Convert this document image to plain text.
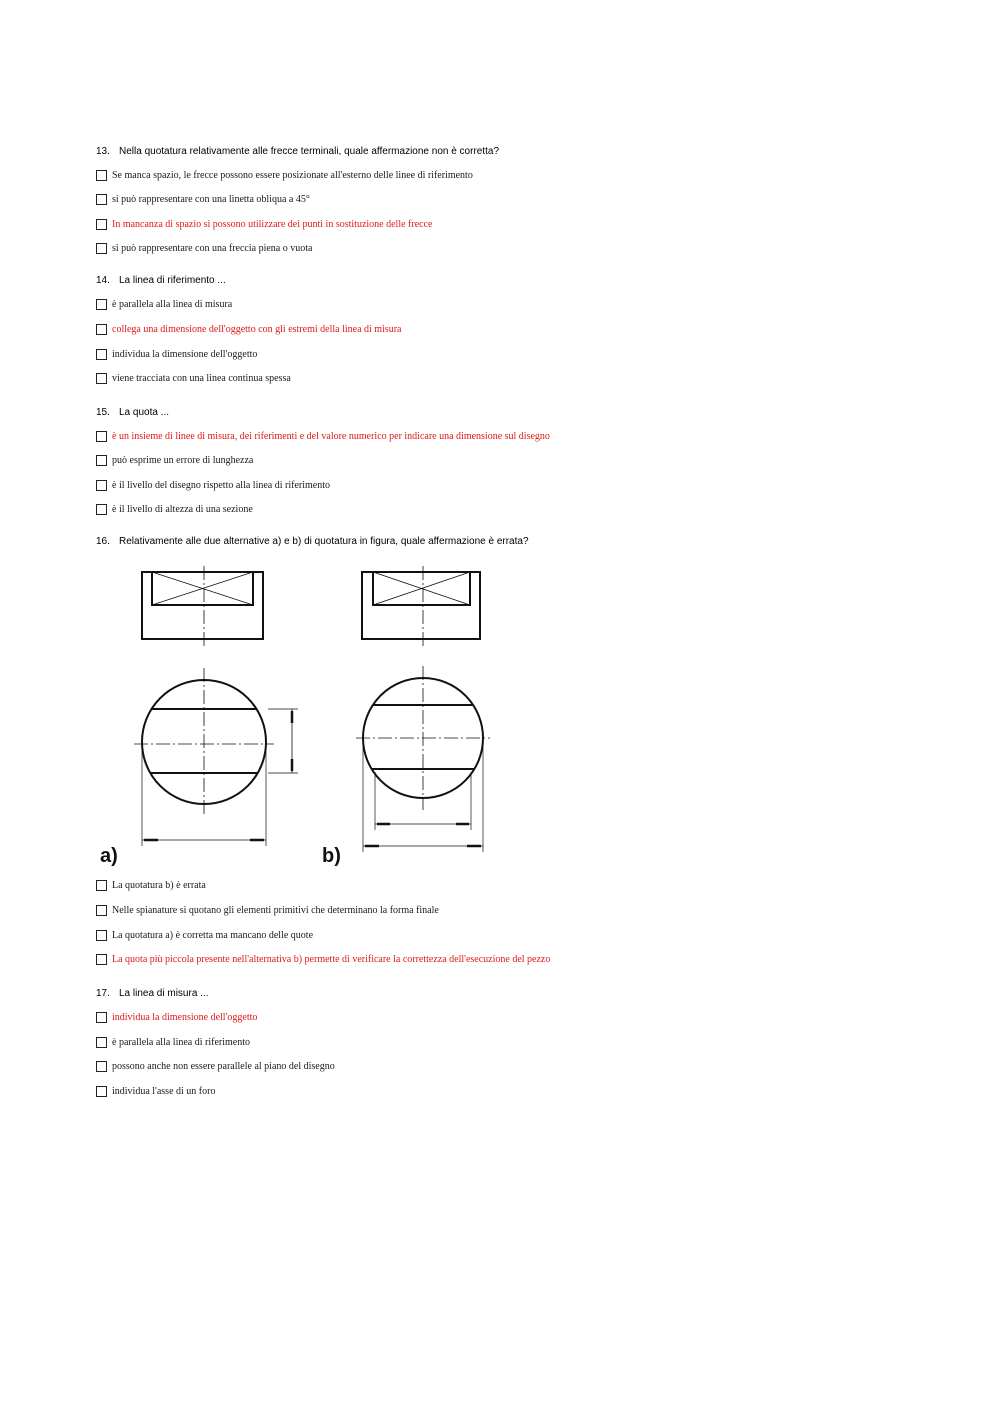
13. Nella quotatura relativamente alle frecce terminali, quale affermazione non è corretta?
Se manca spazio, le frecce possono essere posizionate all'esterno delle linee di riferimento
si può rappresentare con una linetta obliqua a 45°
In mancanza di spazio si possono utilizzare dei punti in sostituzione delle frecce
si può rappresentare con una freccia piena o vuota
14. La linea di riferimento ...
è parallela alla linea di misura
collega una dimensione dell'oggetto con gli estremi della linea di misura
individua la dimensione dell'oggetto
viene tracciata con una linea continua spessa
15. La quota ...
è un insieme di linee di misura, dei riferimenti e del valore numerico per indicare una dimensione sul disegno
può esprime un errore di lunghezza
è il livello del disegno rispetto alla linea di riferimento
è il livello di altezza di una sezione
16. Relativamente alle due alternative a) e b) di quotatura in figura, quale affermazione è errata?
a)	b)
La quotatura b) è errata
Nelle spianature si quotano gli elementi primitivi che determinano la forma finale
La quotatura a) è corretta ma mancano delle quote
La quota più piccola presente nell'alternativa b) permette di verificare la correttezza dell'esecuzione del pezzo
17. La linea di misura ...
individua la dimensione dell'oggetto
è parallela alla linea di riferimento
possono anche non essere parallele al piano del disegno
individua l'asse di un foro
